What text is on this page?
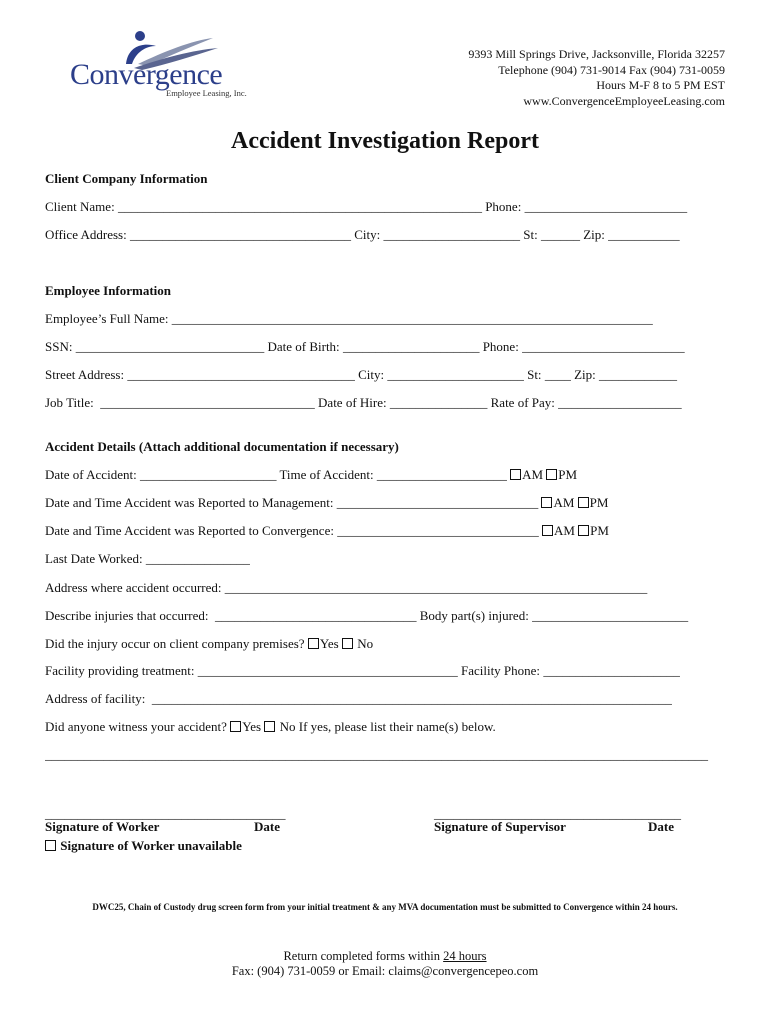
Convergence
Employee Leasing, Inc.
9393 Mill Springs Drive, Jacksonville, Florida 32257
Telephone (904) 731-9014 Fax (904) 731-0059
Hours M-F 8 to 5 PM EST
www.ConvergenceEmployeeLeasing.com
Accident Investigation Report
Client Company Information
Client Name: ________________________________________________________ Phone: _________________________
Office Address: __________________________________ City: _____________________ St: ______ Zip: ___________
Employee Information
Employee’s Full Name: __________________________________________________________________________
SSN: _____________________________ Date of Birth: _____________________ Phone: _________________________
Street Address: ___________________________________ City: _____________________ St: ____ Zip: ____________
Job Title:  _________________________________ Date of Hire: _______________ Rate of Pay: ___________________
Accident Details (Attach additional documentation if necessary)
Date of Accident: _____________________ Time of Accident: ____________________ AM PM
Date and Time Accident was Reported to Management: _______________________________ AM PM
Date and Time Accident was Reported to Convergence: _______________________________ AM PM
Last Date Worked: ________________
Address where accident occurred: _________________________________________________________________
Describe injuries that occurred:  _______________________________ Body part(s) injured: ________________________
Did the injury occur on client company premises? Yes  No
Facility providing treatment: ________________________________________ Facility Phone: _____________________
Address of facility:  ________________________________________________________________________________
Did anyone witness your accident? Yes  No If yes, please list their name(s) below.
______________________________________________________________________________________________________
_____________________________________	______________________________________
Signature of Worker	Date	Signature of Supervisor	Date
Signature of Worker unavailable
DWC25, Chain of Custody drug screen form from your initial treatment & any MVA documentation must be submitted to Convergence within 24 hours.
Return completed forms within 24 hours
Fax: (904) 731-0059 or Email: claims@convergencepeo.com
